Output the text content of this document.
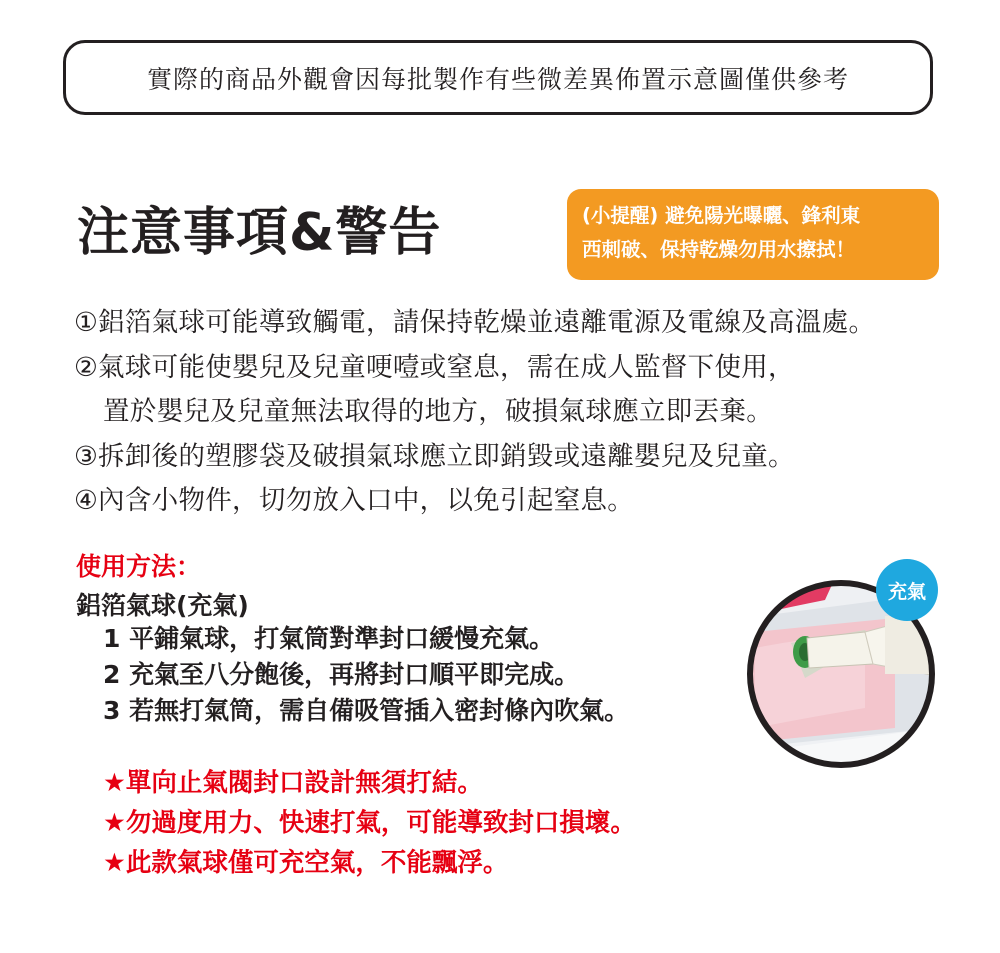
實際的商品外觀會因每批製作有些微差異佈置示意圖僅供參考
注意事項&警告	(小提醒) 避免陽光曝曬、鋒利東
西刺破、保持乾燥勿用水擦拭！
①鋁箔氣球可能導致觸電，請保持乾燥並遠離電源及電線及高溫處。
②氣球可能使嬰兒及兒童哽噎或窒息，需在成人監督下使用，
置於嬰兒及兒童無法取得的地方，破損氣球應立即丟棄。
③拆卸後的塑膠袋及破損氣球應立即銷毀或遠離嬰兒及兒童。
④內含小物件，切勿放入口中，以免引起窒息。
使用方法：
鋁箔氣球(充氣)
1 平鋪氣球，打氣筒對準封口緩慢充氣。
2 充氣至八分飽後，再將封口順平即完成。
3 若無打氣筒，需自備吸管插入密封條內吹氣。
★單向止氣閥封口設計無須打結。
★勿過度用力、快速打氣，可能導致封口損壞。
★此款氣球僅可充空氣，不能飄浮。
充氣
